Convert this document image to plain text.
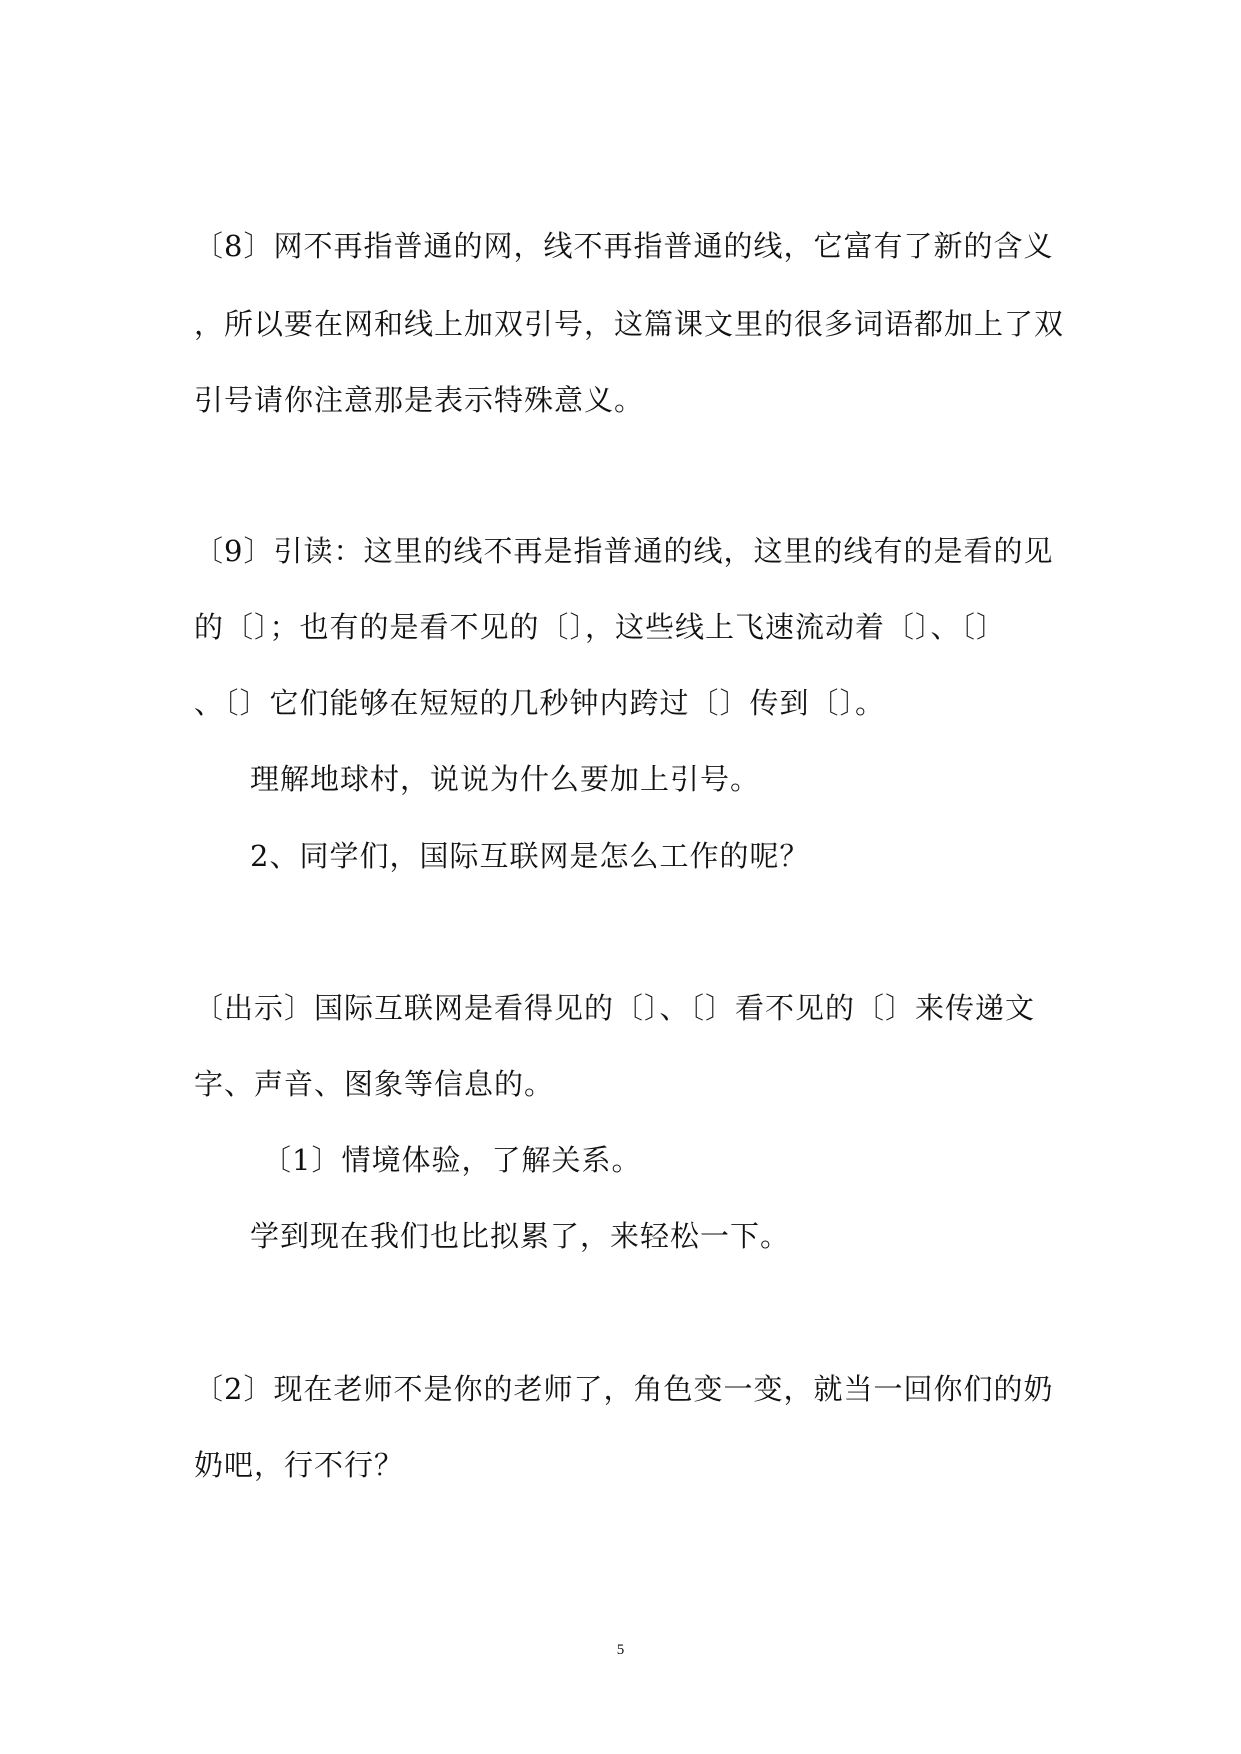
〔8〕网不再指普通的网，线不再指普通的线，它富有了新的含义
，所以要在网和线上加双引号，这篇课文里的很多词语都加上了双
引号请你注意那是表示特殊意义。
〔9〕引读：这里的线不再是指普通的线，这里的线有的是看的见
的〔〕；也有的是看不见的〔〕，这些线上飞速流动着〔〕、〔〕
、〔〕它们能够在短短的几秒钟内跨过〔〕传到〔〕。
理解地球村，说说为什么要加上引号。
2、同学们，国际互联网是怎么工作的呢？
〔出示〕国际互联网是看得见的〔〕、〔〕看不见的〔〕来传递文
字、声音、图象等信息的。
〔1〕情境体验，了解关系。
学到现在我们也比拟累了，来轻松一下。
〔2〕现在老师不是你的老师了，角色变一变，就当一回你们的奶
奶吧，行不行？
5
